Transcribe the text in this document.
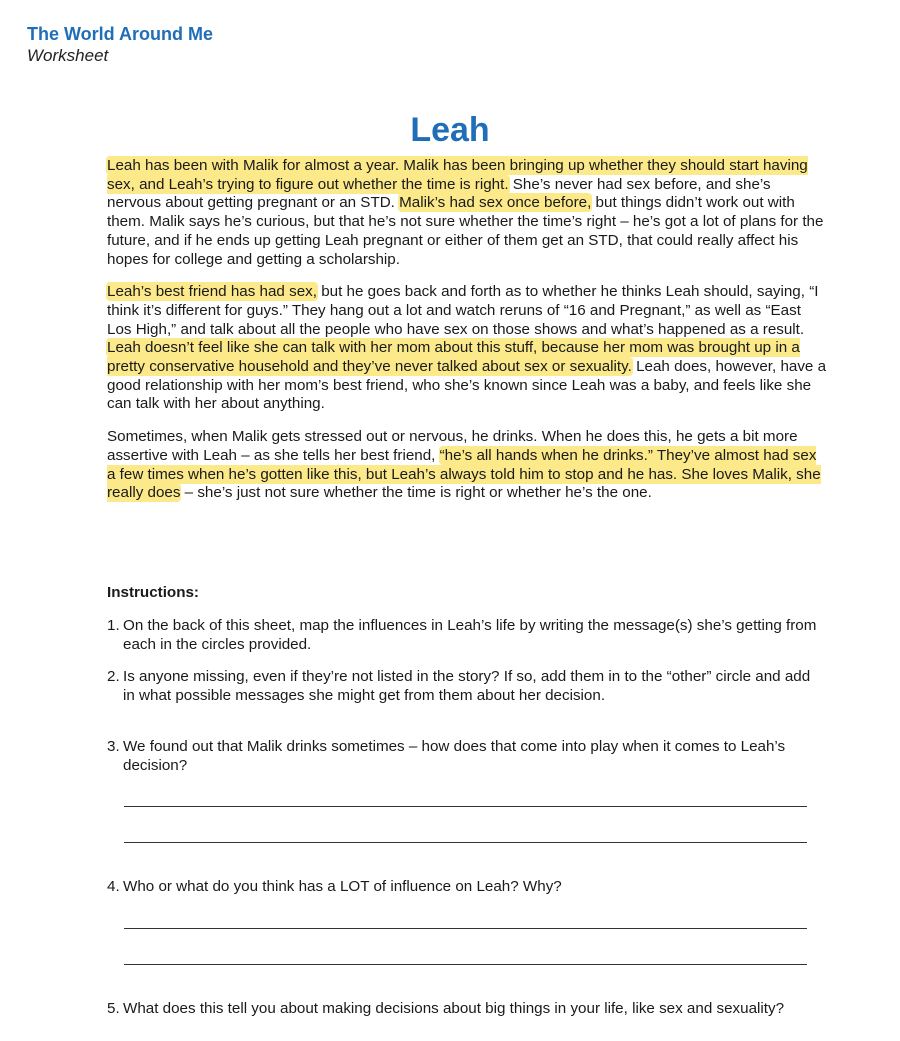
The World Around Me
Worksheet
Leah

Leah has been with Malik for almost a year. Malik has been bringing up whether they should start having sex, and Leah’s trying to figure out whether the time is right. She’s never had sex before, and she’s nervous about getting pregnant or an STD. Malik’s had sex once before, but things didn’t work out with them. Malik says he’s curious, but that he’s not sure whether the time’s right – he’s got a lot of plans for the future, and if he ends up getting Leah pregnant or either of them get an STD, that could really affect his hopes for college and getting a scholarship.

Leah’s best friend has had sex, but he goes back and forth as to whether he thinks Leah should, saying, “I think it’s different for guys.” They hang out a lot and watch reruns of “16 and Pregnant,” as well as “East Los High,” and talk about all the people who have sex on those shows and what’s happened as a result. Leah doesn’t feel like she can talk with her mom about this stuff, because her mom was brought up in a pretty conservative household and they’ve never talked about sex or sexuality. Leah does, however, have a good relationship with her mom’s best friend, who she’s known since Leah was a baby, and feels like she can talk with her about anything.

Sometimes, when Malik gets stressed out or nervous, he drinks. When he does this, he gets a bit more assertive with Leah – as she tells her best friend, “he’s all hands when he drinks.” They’ve almost had sex a few times when he’s gotten like this, but Leah’s always told him to stop and he has. She loves Malik, she really does – she’s just not sure whether the time is right or whether he’s the one.

Instructions:
1. On the back of this sheet, map the influences in Leah’s life by writing the message(s) she’s getting from each in the circles provided.
2. Is anyone missing, even if they’re not listed in the story? If so, add them in to the “other” circle and add in what possible messages she might get from them about her decision.
3. We found out that Malik drinks sometimes – how does that come into play when it comes to Leah’s decision?
4. Who or what do you think has a LOT of influence on Leah? Why?
5. What does this tell you about making decisions about big things in your life, like sex and sexuality?
